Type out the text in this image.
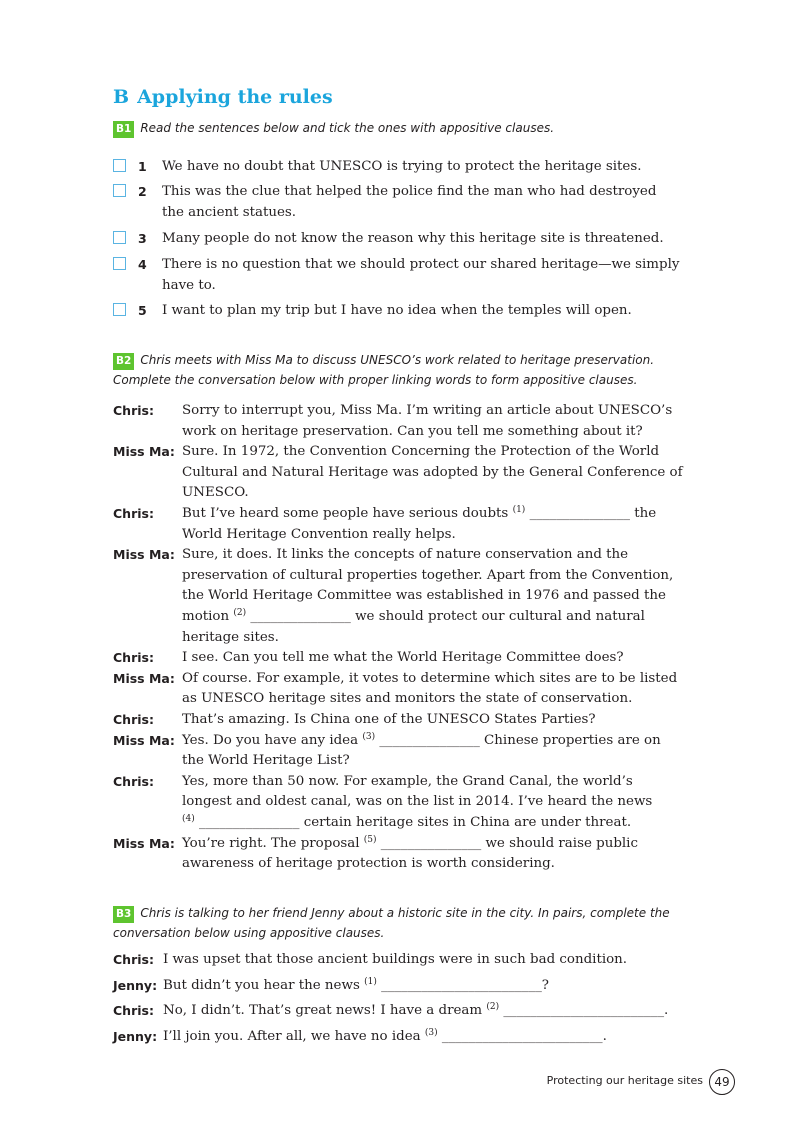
B Applying the rules
B1 Read the sentences below and tick the ones with appositive clauses.
1 We have no doubt that UNESCO is trying to protect the heritage sites.
2 This was the clue that helped the police find the man who had destroyed
the ancient statues.
3 Many people do not know the reason why this heritage site is threatened.
4 There is no question that we should protect our shared heritage—we simply
have to.
5 I want to plan my trip but I have no idea when the temples will open.
B2 Chris meets with Miss Ma to discuss UNESCO’s work related to heritage preservation.
Complete the conversation below with proper linking words to form appositive clauses.
Chris: Sorry to interrupt you, Miss Ma. I’m writing an article about UNESCO’s
work on heritage preservation. Can you tell me something about it?
Miss Ma: Sure. In 1972, the Convention Concerning the Protection of the World
Cultural and Natural Heritage was adopted by the General Conference of
UNESCO.
Chris: But I’ve heard some people have serious doubts $^{(1)}$ _______________ the
World Heritage Convention really helps.
Miss Ma: Sure, it does. It links the concepts of nature conservation and the
preservation of cultural properties together. Apart from the Convention,
the World Heritage Committee was established in 1976 and passed the
motion $^{(2)}$ _______________ we should protect our cultural and natural
heritage sites.
Chris: I see. Can you tell me what the World Heritage Committee does?
Miss Ma: Of course. For example, it votes to determine which sites are to be listed
as UNESCO heritage sites and monitors the state of conservation.
Chris: That’s amazing. Is China one of the UNESCO States Parties?
Miss Ma: Yes. Do you have any idea $^{(3)}$ _______________ Chinese properties are on
the World Heritage List?
Chris: Yes, more than 50 now. For example, the Grand Canal, the world’s
longest and oldest canal, was on the list in 2014. I’ve heard the news
$^{(4)}$ _______________ certain heritage sites in China are under threat.
Miss Ma: You’re right. The proposal $^{(5)}$ _______________ we should raise public
awareness of heritage protection is worth considering.
B3 Chris is talking to her friend Jenny about a historic site in the city. In pairs, complete the
conversation below using appositive clauses.
Chris: I was upset that those ancient buildings were in such bad condition.
Jenny: But didn’t you hear the news $^{(1)}$ ________________________?
Chris: No, I didn’t. That’s great news! I have a dream $^{(2)}$ ________________________.
Jenny: I’ll join you. After all, we have no idea $^{(3)}$ ________________________.
Protecting our heritage sites 49
